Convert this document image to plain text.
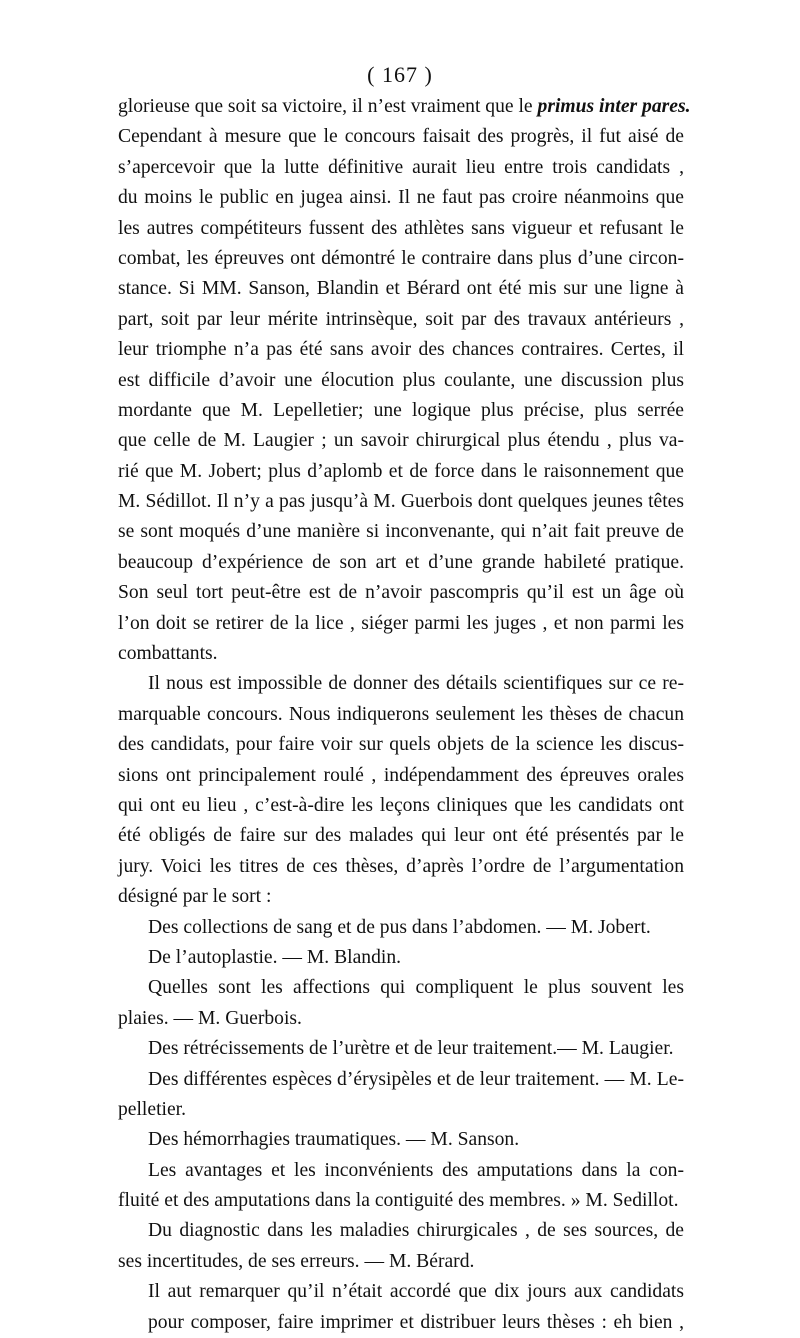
( 167 )

glorieuse que soit sa victoire, il n’est vraiment que le primus inter pares.
Cependant à mesure que le concours faisait des progrès, il fut aisé de
s’apercevoir que la lutte définitive aurait lieu entre trois candidats ,
du moins le public en jugea ainsi. Il ne faut pas croire néanmoins que
les autres compétiteurs fussent des athlètes sans vigueur et refusant le
combat, les épreuves ont démontré le contraire dans plus d’une circon-
stance. Si MM. Sanson, Blandin et Bérard ont été mis sur une ligne à
part, soit par leur mérite intrinsèque, soit par des travaux antérieurs ,
leur triomphe n’a pas été sans avoir des chances contraires. Certes, il
est difficile d’avoir une élocution plus coulante, une discussion plus
mordante que M. Lepelletier; une logique plus précise, plus serrée
que celle de M. Laugier ; un savoir chirurgical plus étendu , plus va-
rié que M. Jobert; plus d’aplomb et de force dans le raisonnement que
M. Sédillot. Il n’y a pas jusqu’à M. Guerbois dont quelques jeunes têtes
se sont moqués d’une manière si inconvenante, qui n’ait fait preuve de
beaucoup d’expérience de son art et d’une grande habileté pratique.
Son seul tort peut-être est de n’avoir pascompris qu’il est un âge où
l’on doit se retirer de la lice , siéger parmi les juges , et non parmi les
combattants.

Il nous est impossible de donner des détails scientifiques sur ce re-
marquable concours. Nous indiquerons seulement les thèses de chacun
des candidats, pour faire voir sur quels objets de la science les discus-
sions ont principalement roulé , indépendamment des épreuves orales
qui ont eu lieu , c’est-à-dire les leçons cliniques que les candidats ont
été obligés de faire sur des malades qui leur ont été présentés par le
jury. Voici les titres de ces thèses, d’après l’ordre de l’argumentation
désigné par le sort :

Des collections de sang et de pus dans l’abdomen. — M. Jobert.

De l’autoplastie. — M. Blandin.

Quelles sont les affections qui compliquent le plus souvent les
plaies. — M. Guerbois.

Des rétrécissements de l’urètre et de leur traitement.— M. Laugier.

Des différentes espèces d’érysipèles et de leur traitement. — M. Le-
pelletier.

Des hémorrhagies traumatiques. — M. Sanson.

Les avantages et les inconvénients des amputations dans la con-
fluité et des amputations dans la contiguité des membres. » M. Sedillot.

Du diagnostic dans les maladies chirurgicales , de ses sources, de
ses incertitudes, de ses erreurs. — M. Bérard.

Il aut remarquer qu’il n’était accordé que dix jours aux candidats
pour composer, faire imprimer et distribuer leurs thèses : eh bien ,
